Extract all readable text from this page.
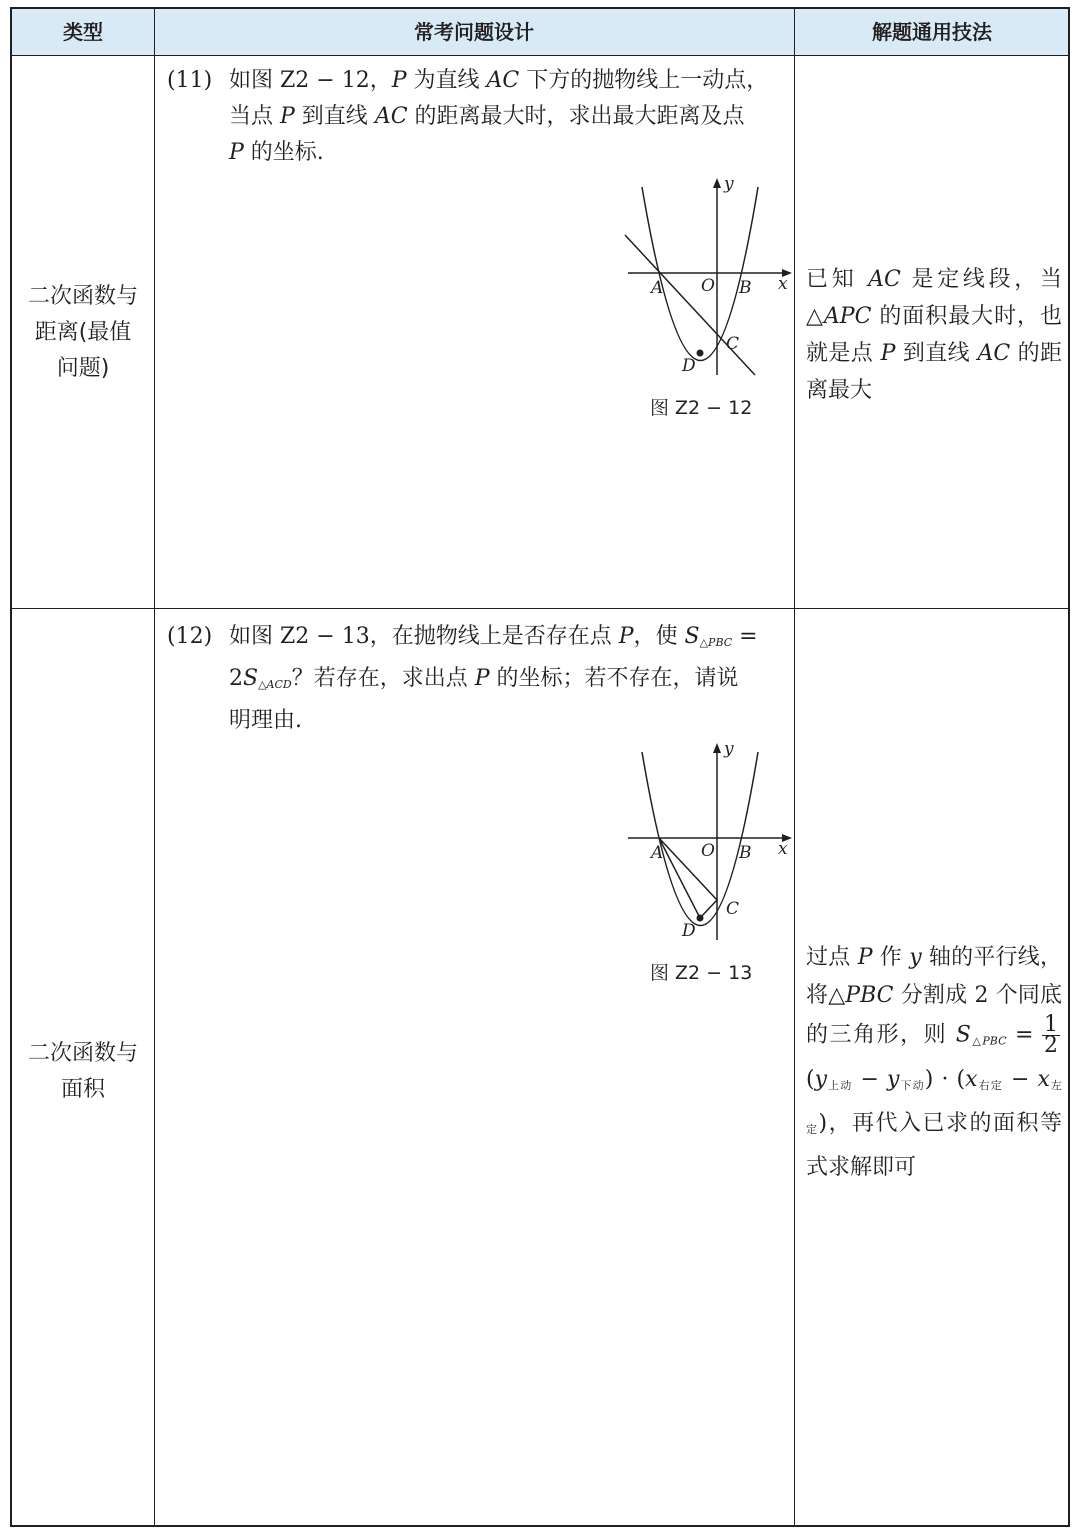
类型	常考问题设计	解题通用技法
二次函数与
距离(最值
问题)
(11) 如图 Z2 − 12，P 为直线 AC 下方的抛物线上一动点，
当点 P 到直线 AC 的距离最大时，求出最大距离及点
P 的坐标.
y
x
A O B
C
D
图 Z2 − 12
已知 AC 是定线段，当△APC 的面积最大时，也就是点 P 到直线 AC 的距离最大
二次函数与
面积
(12) 如图 Z2 − 13，在抛物线上是否存在点 P，使 $S_{\triangle PBC}$ =
$2S_{\triangle ACD}$？若存在，求出点 P 的坐标；若不存在，请说
明理由.
y
x
A O B
C
D
图 Z2 − 13
过点 P 作 y 轴的平行线，将△PBC 分割成 2 个同底的三角形，则 $S_{\triangle PBC} = \frac{1}{2}$
$(y_{上动} - y_{下动}) \cdot (x_{右定} - x_{左定})$，再代入已求的面积等式求解即可
